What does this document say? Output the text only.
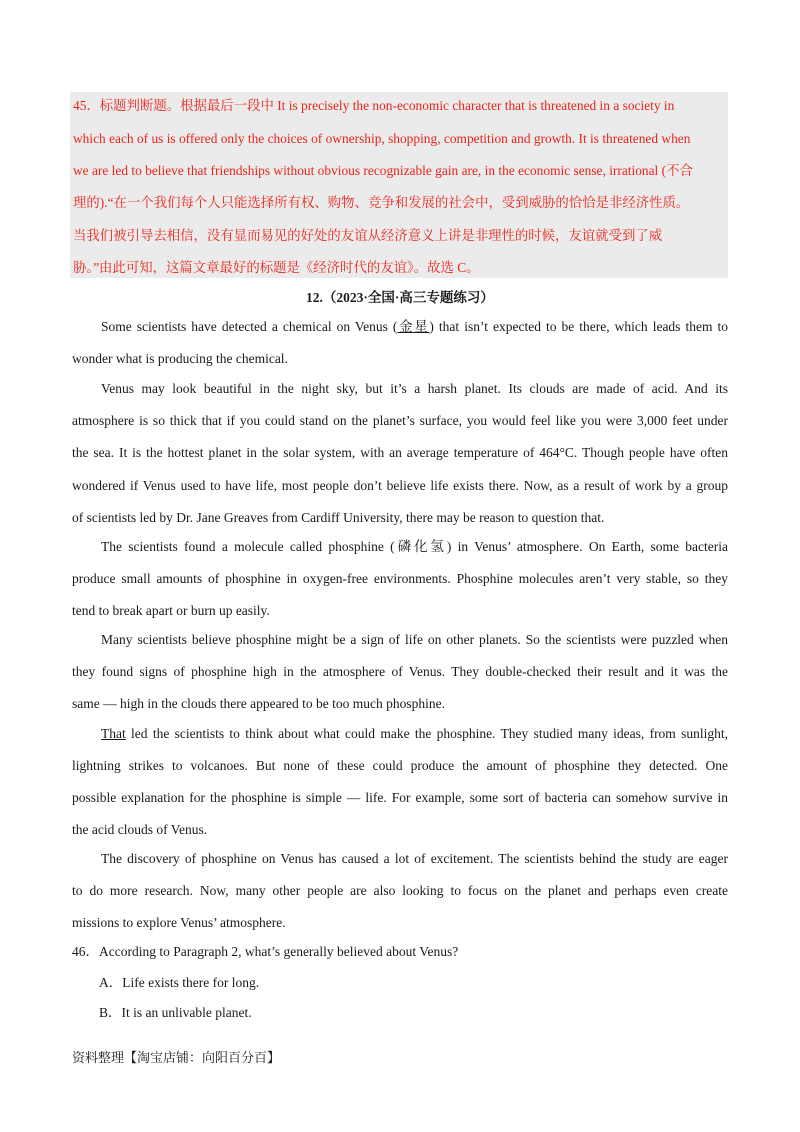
45．标题判断题。根据最后一段中 It is precisely the non-economic character that is threatened in a society in
which each of us is offered only the choices of ownership, shopping, competition and growth. It is threatened when
we are led to believe that friendships without obvious recognizable gain are, in the economic sense, irrational (不合
理的).“在一个我们每个人只能选择所有权、购物、竞争和发展的社会中，受到威胁的恰恰是非经济性质。
当我们被引导去相信，没有显而易见的好处的友谊从经济意义上讲是非理性的时候，友谊就受到了威
胁。”由此可知，这篇文章最好的标题是《经济时代的友谊》。故选 C。
12.（2023·全国·高三专题练习）
Some scientists have detected a chemical on Venus (金星) that isn’t expected to be there, which leads them to
wonder what is producing the chemical.
Venus may look beautiful in the night sky, but it’s a harsh planet. Its clouds are made of acid. And its
atmosphere is so thick that if you could stand on the planet’s surface, you would feel like you were 3,000 feet under
the sea. It is the hottest planet in the solar system, with an average temperature of 464°C. Though people have often
wondered if Venus used to have life, most people don’t believe life exists there. Now, as a result of work by a group
of scientists led by Dr. Jane Greaves from Cardiff University, there may be reason to question that.
The scientists found a molecule called phosphine (磷化氢) in Venus’ atmosphere. On Earth, some bacteria
produce small amounts of phosphine in oxygen-free environments. Phosphine molecules aren’t very stable, so they
tend to break apart or burn up easily.
Many scientists believe phosphine might be a sign of life on other planets. So the scientists were puzzled when
they found signs of phosphine high in the atmosphere of Venus. They double-checked their result and it was the
same — high in the clouds there appeared to be too much phosphine.
That led the scientists to think about what could make the phosphine. They studied many ideas, from sunlight,
lightning strikes to volcanoes. But none of these could produce the amount of phosphine they detected. One
possible explanation for the phosphine is simple — life. For example, some sort of bacteria can somehow survive in
the acid clouds of Venus.
The discovery of phosphine on Venus has caused a lot of excitement. The scientists behind the study are eager
to do more research. Now, many other people are also looking to focus on the planet and perhaps even create
missions to explore Venus’ atmosphere.
46．According to Paragraph 2, what’s generally believed about Venus?
A．Life exists there for long.
B．It is an unlivable planet.
资料整理【淘宝店铺：向阳百分百】
